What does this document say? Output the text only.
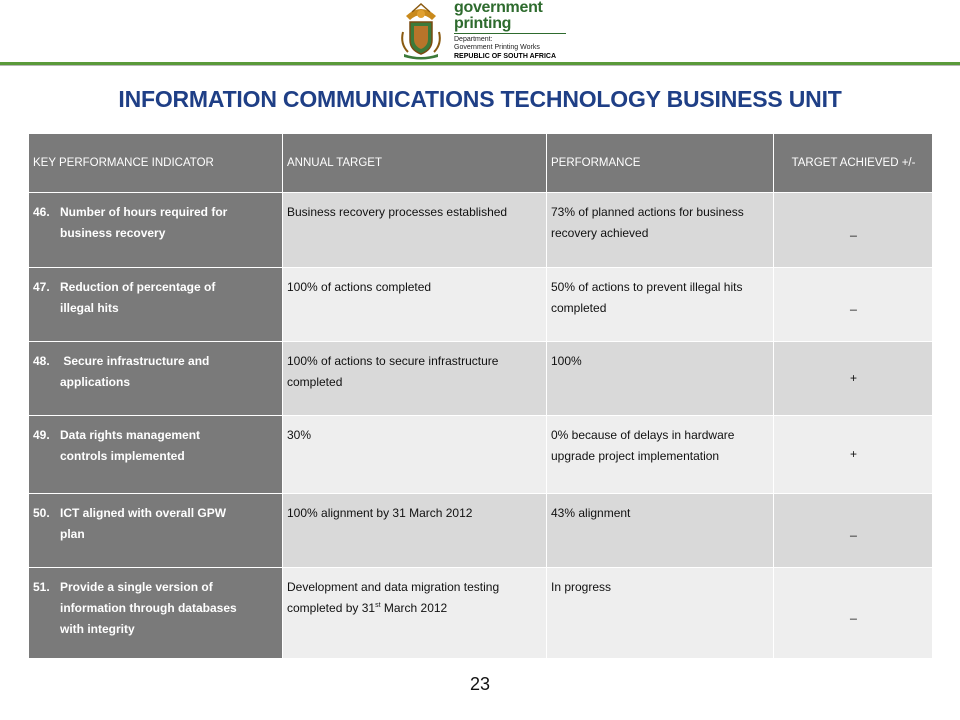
government
printing
Department:
Government Printing Works
REPUBLIC OF SOUTH AFRICA
INFORMATION COMMUNICATIONS TECHNOLOGY BUSINESS UNIT
KEY PERFORMANCE INDICATOR	ANNUAL TARGET	PERFORMANCE	TARGET ACHIEVED +/-
46. Number of hours required for
business recovery	Business recovery processes established	73% of planned actions for business recovery achieved	_
47. Reduction of percentage of
illegal hits	100% of actions completed	50% of actions to prevent illegal hits completed	_
48. Secure infrastructure and
applications	100% of actions to secure infrastructure completed	100%	+
49. Data rights management
controls implemented	30%	0% because of delays in hardware upgrade project implementation	+
50. ICT aligned with overall GPW
plan	100% alignment by 31 March 2012	43% alignment	_
51. Provide a single version of
information through databases
with integrity	Development and data migration testing completed by 31st March 2012	In progress	_
23
